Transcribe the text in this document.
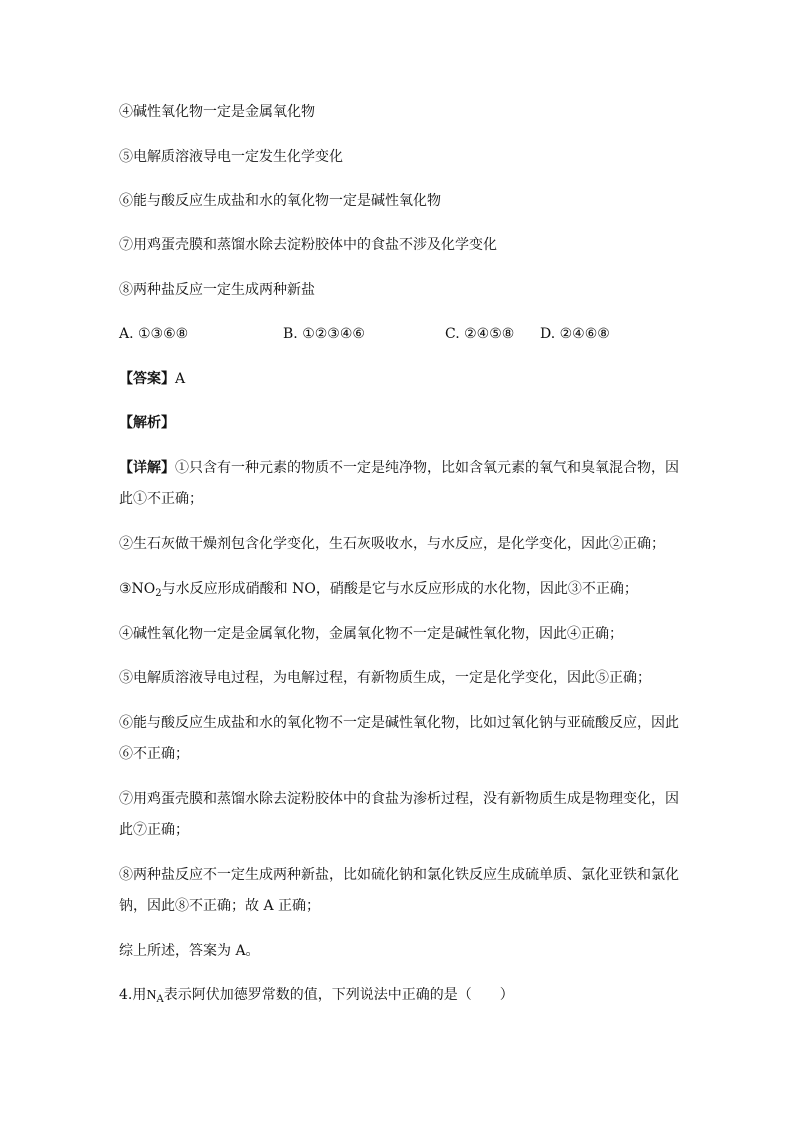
④碱性氧化物一定是金属氧化物
⑤电解质溶液导电一定发生化学变化
⑥能与酸反应生成盐和水的氧化物一定是碱性氧化物
⑦用鸡蛋壳膜和蒸馏水除去淀粉胶体中的食盐不涉及化学变化
⑧两种盐反应一定生成两种新盐
A. ①③⑥⑧	B. ①②③④⑥	C. ②④⑤⑧ D. ②④⑥⑧
【答案】A
【解析】
【详解】①只含有一种元素的物质不一定是纯净物，比如含氧元素的氧气和臭氧混合物，因
此①不正确；
②生石灰做干燥剂包含化学变化，生石灰吸收水，与水反应，是化学变化，因此②正确；
$③NO_2$与水反应形成硝酸和 NO，硝酸是它与水反应形成的水化物，因此③不正确；
④碱性氧化物一定是金属氧化物，金属氧化物不一定是碱性氧化物，因此④正确；
⑤电解质溶液导电过程，为电解过程，有新物质生成，一定是化学变化，因此⑤正确；
⑥能与酸反应生成盐和水的氧化物不一定是碱性氧化物，比如过氧化钠与亚硫酸反应，因此
⑥不正确；
⑦用鸡蛋壳膜和蒸馏水除去淀粉胶体中的食盐为渗析过程，没有新物质生成是物理变化，因
此⑦正确；
⑧两种盐反应不一定生成两种新盐，比如硫化钠和氯化铁反应生成硫单质、氯化亚铁和氯化
钠，因此⑧不正确；故 A 正确；
综上所述，答案为 A。
4.用$N_A$表示阿伏加德罗常数的值，下列说法中正确的是（　　）
